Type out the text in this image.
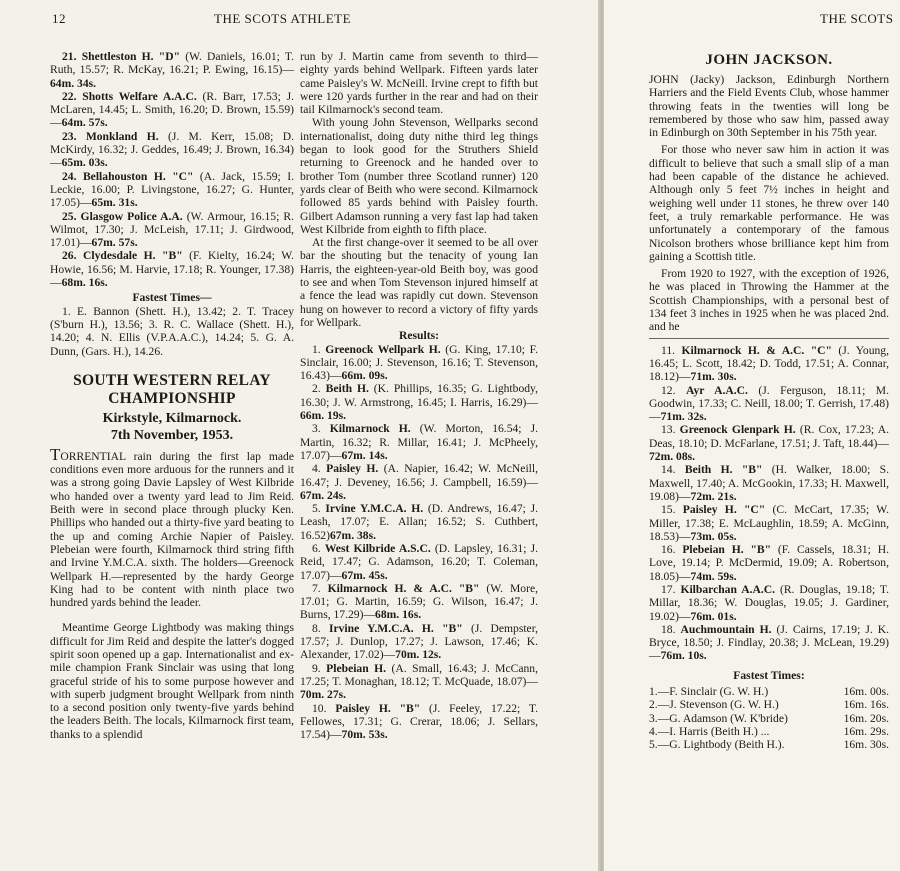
12	THE SCOTS ATHLETE

21. Shettleston H. "D" (W. Daniels, 16.01; T. Ruth, 15.57; R. McKay, 16.21; P. Ewing, 16.15)—64m. 34s.

22. Shotts Welfare A.A.C. (R. Barr, 17.53; J. McLaren, 14.45; L. Smith, 16.20; D. Brown, 15.59)—64m. 57s.

23. Monkland H. (J. M. Kerr, 15.08; D. McKirdy, 16.32; J. Geddes, 16.49; J. Brown, 16.34)—65m. 03s.

24. Bellahouston H. "C" (A. Jack, 15.59; I. Leckie, 16.00; P. Livingstone, 16.27; G. Hunter, 17.05)—65m. 31s.

25. Glasgow Police A.A. (W. Armour, 16.15; R. Wilmot, 17.30; J. McLeish, 17.11; J. Girdwood, 17.01)—67m. 57s.

26. Clydesdale H. "B" (F. Kielty, 16.24; W. Howie, 16.56; M. Harvie, 17.18; R. Younger, 17.38)—68m. 16s.

Fastest Times—

1. E. Bannon (Shett. H.), 13.42; 2. T. Tracey (S'burn H.), 13.56; 3. R. C. Wallace (Shett. H.), 14.20; 4. N. Ellis (V.P.A.A.C.), 14.24; 5. G. A. Dunn, (Gars. H.), 14.26.

SOUTH WESTERN RELAY CHAMPIONSHIP
Kirkstyle, Kilmarnock.
7th November, 1953.

TORRENTIAL rain during the first lap made conditions even more arduous for the runners and it was a strong going Davie Lapsley of West Kilbride who handed over a twenty yard lead to Jim Reid. Beith were in second place through plucky Ken. Phillips who handed out a thirty-five yard beating to the up and coming Archie Napier of Paisley. Plebeian were fourth, Kilmarnock third string fifth and Irvine Y.M.C.A. sixth. The holders—Greenock Wellpark H.—represented by the hardy George King had to be content with ninth place two hundred yards behind the leader.

Meantime George Lightbody was making things difficult for Jim Reid and despite the latter's dogged spirit soon opened up a gap. Internationalist and ex-mile champion Frank Sinclair was using that long graceful stride of his to some purpose however and with superb judgment brought Wellpark from ninth to a second position only twenty-five yards behind the leaders Beith. The locals, Kilmarnock first team, thanks to a splendid

run by J. Martin came from seventh to third—eighty yards behind Wellpark. Fifteen yards later came Paisley's W. McNeill. Irvine crept to fifth but were 120 yards further in the rear and had on their tail Kilmarnock's second team.

With young John Stevenson, Wellparks second internationalist, doing duty nithe third leg things began to look good for the Struthers Shield returning to Greenock and he handed over to brother Tom (number three Scotland runner) 120 yards clear of Beith who were second. Kilmarnock followed 85 yards behind with Paisley fourth. Gilbert Adamson running a very fast lap had taken West Kilbride from eighth to fifth place.

At the first change-over it seemed to be all over bar the shouting but the tenacity of young Ian Harris, the eighteen-year-old Beith boy, was good to see and when Tom Stevenson injured himself at a fence the lead was rapidly cut down. Stevenson hung on however to record a victory of fifty yards for Wellpark.

Results:

1. Greenock Wellpark H. (G. King, 17.10; F. Sinclair, 16.00; J. Stevenson, 16.16; T. Stevenson, 16.43)—66m. 09s.

2. Beith H. (K. Phillips, 16.35; G. Lightbody, 16.30; J. W. Armstrong, 16.45; I. Harris, 16.29)—66m. 19s.

3. Kilmarnock H. (W. Morton, 16.54; J. Martin, 16.32; R. Millar, 16.41; J. McPheely, 17.07)—67m. 14s.

4. Paisley H. (A. Napier, 16.42; W. McNeill, 16.47; J. Deveney, 16.56; J. Campbell, 16.59)—67m. 24s.

5. Irvine Y.M.C.A. H. (D. Andrews, 16.47; J. Leash, 17.07; E. Allan; 16.52; S. Cuthbert, 16.52)67m. 38s.

6. West Kilbride A.S.C. (D. Lapsley, 16.31; J. Reid, 17.47; G. Adamson, 16.20; T. Coleman, 17.07)—67m. 45s.

7. Kilmarnock H. & A.C. "B" (W. More, 17.01; G. Martin, 16.59; G. Wilson, 16.47; J. Burns, 17.29)—68m. 16s.

8. Irvine Y.M.C.A. H. "B" (J. Dempster, 17.57; J. Dunlop, 17.27; J. Lawson, 17.46; K. Alexander, 17.02)—70m. 12s.

9. Plebeian H. (A. Small, 16.43; J. McCann, 17.25; T. Monaghan, 18.12; T. McQuade, 18.07)—70m. 27s.

10. Paisley H. "B" (J. Feeley, 17.22; T. Fellowes, 17.31; G. Crerar, 18.06; J. Sellars, 17.54)—70m. 53s.

THE SCOTS
JOHN JACKSON.

JOHN (Jacky) Jackson, Edinburgh Northern Harriers and the Field Events Club, whose hammer throwing feats in the twenties will long be remembered by those who saw him, passed away in Edinburgh on 30th September in his 75th year.

For those who never saw him in action it was difficult to believe that such a small slip of a man had been capable of the distance he achieved. Although only 5 feet 7½ inches in height and weighing well under 11 stones, he threw over 140 feet, a truly remarkable performance. He was unfortunately a contemporary of the famous Nicolson brothers whose brilliance kept him from gaining a Scottish title.

From 1920 to 1927, with the exception of 1926, he was placed in Throwing the Hammer at the Scottish Championships, with a personal best of 134 feet 3 inches in 1925 when he was placed 2nd. and he

11. Kilmarnock H. & A.C. "C" (J. Young, 16.45; L. Scott, 18.42; D. Todd, 17.51; A. Connar, 18.12)—71m. 30s.

12. Ayr A.A.C. (J. Ferguson, 18.11; M. Goodwin, 17.33; C. Neill, 18.00; T. Gerrish, 17.48)—71m. 32s.

13. Greenock Glenpark H. (R. Cox, 17.23; A. Deas, 18.10; D. McFarlane, 17.51; J. Taft, 18.44)—72m. 08s.

14. Beith H. "B" (H. Walker, 18.00; S. Maxwell, 17.40; A. McGookin, 17.33; H. Maxwell, 19.08)—72m. 21s.

15. Paisley H. "C" (C. McCart, 17.35; W. Miller, 17.38; E. McLaughlin, 18.59; A. McGinn, 18.53)—73m. 05s.

16. Plebeian H. "B" (F. Cassels, 18.31; H. Love, 19.14; P. McDermid, 19.09; A. Robertson, 18.05)—74m. 59s.

17. Kilbarchan A.A.C. (R. Douglas, 19.18; T. Millar, 18.36; W. Douglas, 19.05; J. Gardiner, 19.02)—76m. 01s.

18. Auchmountain H. (J. Cairns, 17.19; J. K. Bryce, 18.50; J. Findlay, 20.38; J. McLean, 19.29)—76m. 10s.

Fastest Times:

1.—F. Sinclair (G. W. H.)	16m. 00s.
2.—J. Stevenson (G. W. H.)	16m. 16s.
3.—G. Adamson (W. K'bride)	16m. 20s.
4.—I. Harris (Beith H.) ...	16m. 29s.
5.—G. Lightbody (Beith H.).	16m. 30s.
